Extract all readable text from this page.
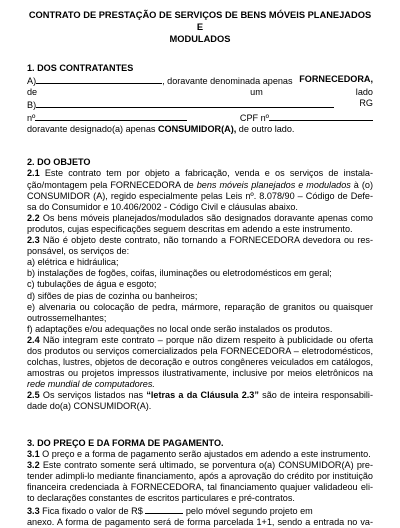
CONTRATO DE PRESTAÇÃO DE SERVIÇOS DE BENS MÓVEIS PLANEJADOS E
MODULADOS

1. DOS CONTRATANTES

A)	, doravante denominada apenas FORNECEDORA,
de	um	lado
B)	RG
nº	CPF nº

doravante designado(a) apenas CONSUMIDOR(A), de outro lado.

2. DO OBJETO

2.1 Este contrato tem por objeto a fabricação, venda e os serviços de instala-

ção/montagem pela FORNECEDORA de bens móveis planejados e modulados à (o)

CONSUMIDOR (A), regido especialmente pelas Leis nº. 8.078/90 – Código de Defe-

sa do Consumidor e 10.406/2002 - Código Civil e cláusulas abaixo.

2.2 Os bens móveis planejados/modulados são designados doravante apenas como

produtos, cujas especificações seguem descritas em adendo a este instrumento.

2.3 Não é objeto deste contrato, não tornando a FORNECEDORA devedora ou res-

ponsável, os serviços de:

a) elétrica e hidráulica;

b) instalações de fogões, coifas, iluminações ou eletrodomésticos em geral;

c) tubulações de água e esgoto;

d) sifões de pias de cozinha ou banheiros;

e) alvenaria ou colocação de pedra, mármore, reparação de granitos ou quaisquer

outrossemelhantes;

f) adaptações e/ou adequações no local onde serão instalados os produtos.

2.4 Não integram este contrato – porque não dizem respeito à publicidade ou oferta

dos produtos ou serviços comercializados pela FORNECEDORA – eletrodomésticos,

colchas, lustres, objetos de decoração e outros congêneres veiculados em catálogos,

amostras ou projetos impressos ilustrativamente, inclusive por meios eletrônicos na

rede mundial de computadores.

2.5 Os serviços listados nas “letras a da Cláusula 2.3” são de inteira responsabili-

dade do(a) CONSUMIDOR(A).

3. DO PREÇO E DA FORMA DE PAGAMENTO.

3.1 O preço e a forma de pagamento serão ajustados em adendo a este instrumento.

3.2 Este contrato somente será ultimado, se porventura o(a) CONSUMIDOR(A) pre-

tender adimpli-lo mediante financiamento, após a aprovação do crédito por instituição

financeira credenciada à FORNECEDORA, tal financiamento quajuer validadeou eli-

to declarações constantes de escritos particulares e pré-contratos.

3.3 Fica fixado o valor de R$	pelo móvel segundo projeto em

anexo. A forma de pagamento será de forma parcelada 1+1, sendo a entrada no va-
